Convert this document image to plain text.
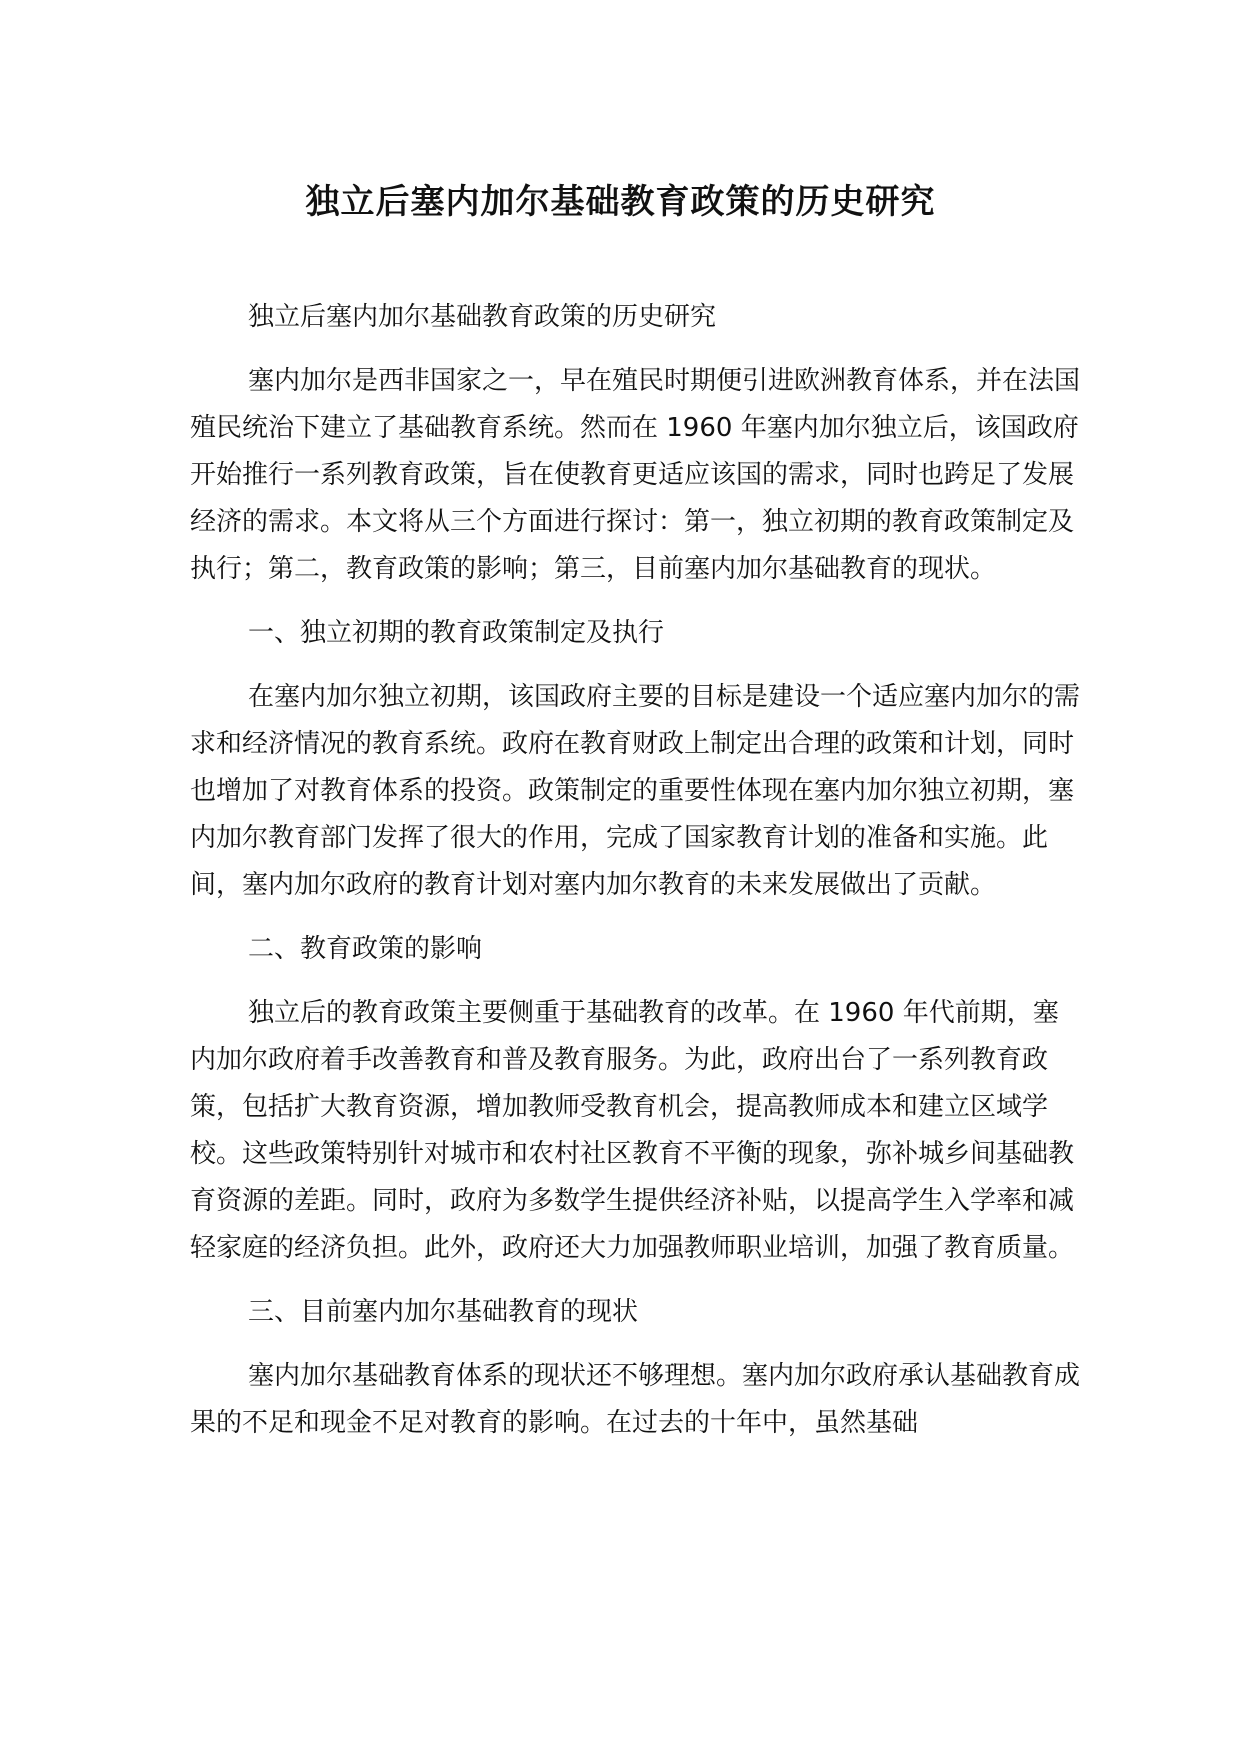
独立后塞内加尔基础教育政策的历史研究

独立后塞内加尔基础教育政策的历史研究

塞内加尔是西非国家之一，早在殖民时期便引进欧洲教育体系，并在法国殖民统治下建立了基础教育系统。然而在 1960 年塞内加尔独立后，该国政府开始推行一系列教育政策，旨在使教育更适应该国的需求，同时也跨足了发展经济的需求。本文将从三个方面进行探讨：第一，独立初期的教育政策制定及执行；第二，教育政策的影响；第三，目前塞内加尔基础教育的现状。

一、独立初期的教育政策制定及执行

在塞内加尔独立初期，该国政府主要的目标是建设一个适应塞内加尔的需求和经济情况的教育系统。政府在教育财政上制定出合理的政策和计划，同时也增加了对教育体系的投资。政策制定的重要性体现在塞内加尔独立初期，塞内加尔教育部门发挥了很大的作用，完成了国家教育计划的准备和实施。此间，塞内加尔政府的教育计划对塞内加尔教育的未来发展做出了贡献。

二、教育政策的影响

独立后的教育政策主要侧重于基础教育的改革。在 1960 年代前期，塞内加尔政府着手改善教育和普及教育服务。为此，政府出台了一系列教育政策，包括扩大教育资源，增加教师受教育机会，提高教师成本和建立区域学校。这些政策特别针对城市和农村社区教育不平衡的现象，弥补城乡间基础教育资源的差距。同时，政府为多数学生提供经济补贴，以提高学生入学率和减轻家庭的经济负担。此外，政府还大力加强教师职业培训，加强了教育质量。

三、目前塞内加尔基础教育的现状

塞内加尔基础教育体系的现状还不够理想。塞内加尔政府承认基础教育成果的不足和现金不足对教育的影响。在过去的十年中，虽然基础
